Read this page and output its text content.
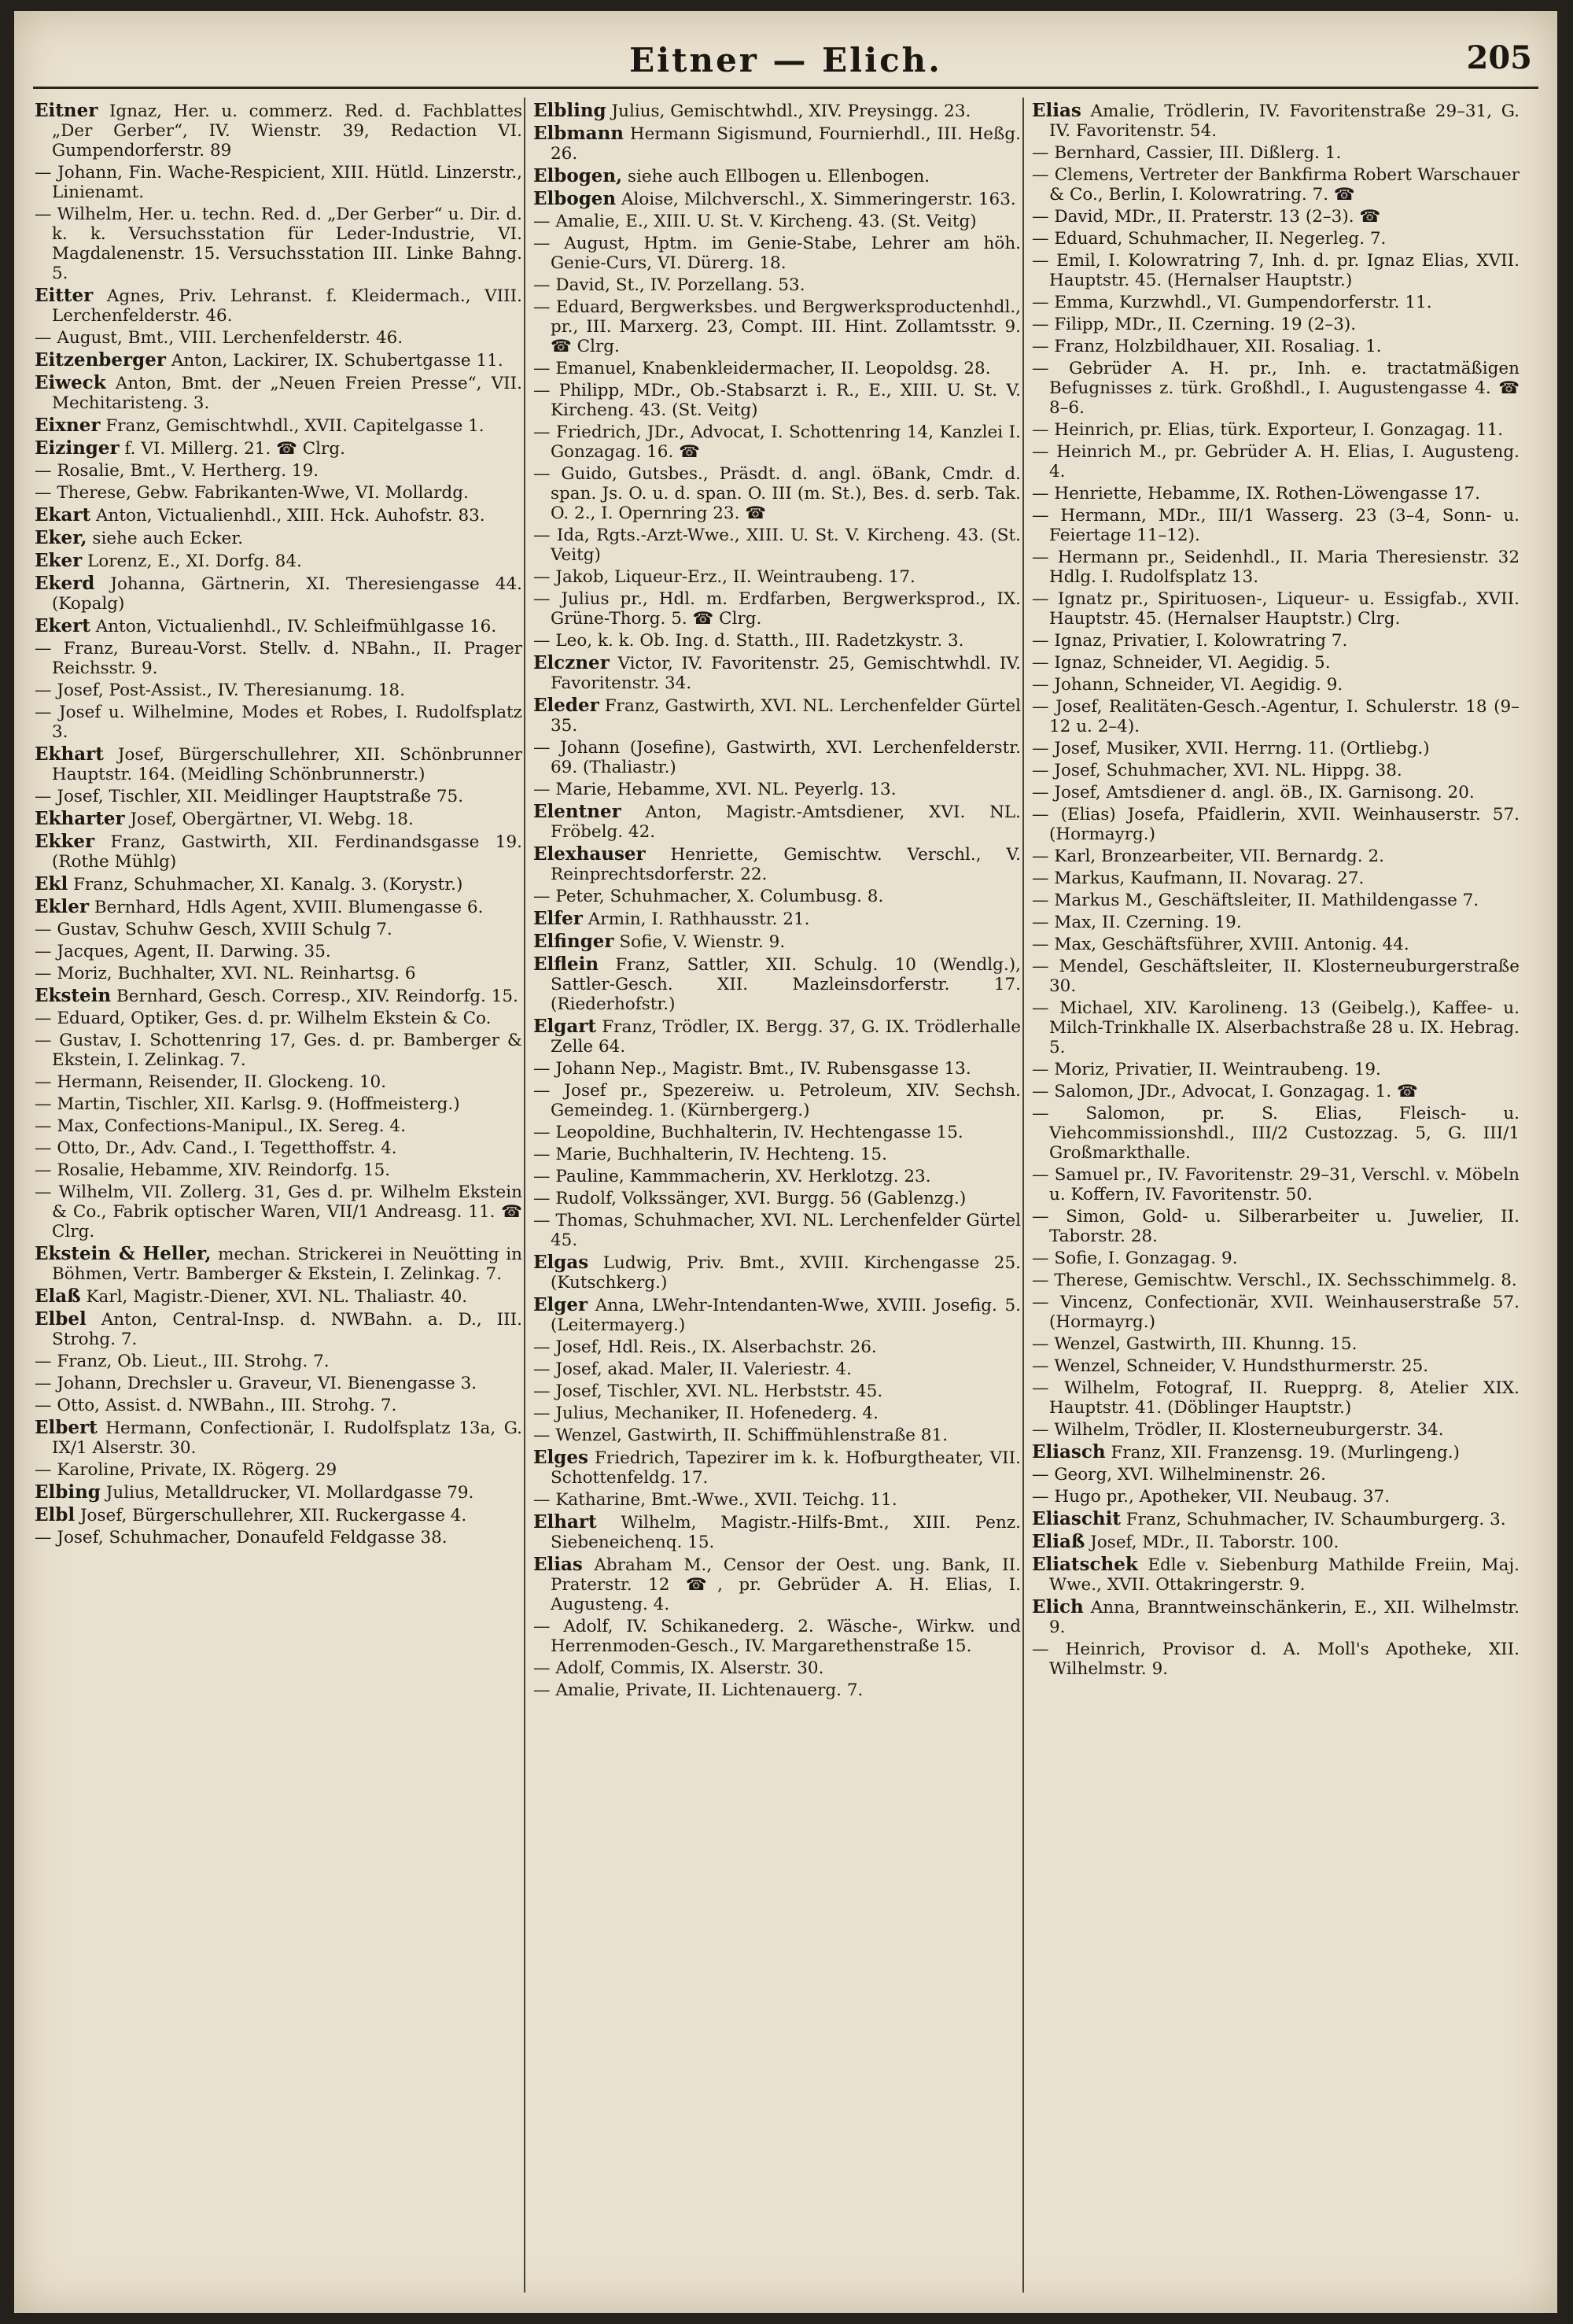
Eitner — Elich.	205
Eitner Ignaz, Her. u. commerz. Red. d. Fachblattes „Der Gerber“, IV. Wienstr. 39, Redaction VI. Gumpendorferstr. 89
— Johann, Fin. Wache-Respicient, XIII. Hütld. Linzerstr., Linienamt.
— Wilhelm, Her. u. techn. Red. d. „Der Gerber“ u. Dir. d. k. k. Versuchsstation für Leder-Industrie, VI. Magdalenenstr. 15. Versuchsstation III. Linke Bahng. 5.
Eitter Agnes, Priv. Lehranst. f. Kleidermach., VIII. Lerchenfelderstr. 46.
— August, Bmt., VIII. Lerchenfelderstr. 46.
Eitzenberger Anton, Lackirer, IX. Schubertgasse 11.
Eiweck Anton, Bmt. der „Neuen Freien Presse“, VII. Mechitaristeng. 3.
Eixner Franz, Gemischtwhdl., XVII. Capitelgasse 1.
Eizinger f. VI. Millerg. 21. ☎ Clrg.
— Rosalie, Bmt., V. Hertherg. 19.
— Therese, Gebw. Fabrikanten-Wwe, VI. Mollardg.
Ekart Anton, Victualienhdl., XIII. Hck. Auhofstr. 83.
Eker, siehe auch Ecker.
Eker Lorenz, E., XI. Dorfg. 84.
Ekerd Johanna, Gärtnerin, XI. Theresiengasse 44. (Kopalg)
Ekert Anton, Victualienhdl., IV. Schleifmühlgasse 16.
— Franz, Bureau-Vorst. Stellv. d. NBahn., II. Prager Reichsstr. 9.
— Josef, Post-Assist., IV. Theresianumg. 18.
— Josef u. Wilhelmine, Modes et Robes, I. Rudolfsplatz 3.
Ekhart Josef, Bürgerschullehrer, XII. Schönbrunner Hauptstr. 164. (Meidling Schönbrunnerstr.)
— Josef, Tischler, XII. Meidlinger Hauptstraße 75.
Ekharter Josef, Obergärtner, VI. Webg. 18.
Ekker Franz, Gastwirth, XII. Ferdinandsgasse 19. (Rothe Mühlg)
Ekl Franz, Schuhmacher, XI. Kanalg. 3. (Korystr.)
Ekler Bernhard, Hdls Agent, XVIII. Blumengasse 6.
— Gustav, Schuhw Gesch, XVIII Schulg 7.
— Jacques, Agent, II. Darwing. 35.
— Moriz, Buchhalter, XVI. NL. Reinhartsg. 6
Ekstein Bernhard, Gesch. Corresp., XIV. Reindorfg. 15.
— Eduard, Optiker, Ges. d. pr. Wilhelm Ekstein & Co.
— Gustav, I. Schottenring 17, Ges. d. pr. Bamberger & Ekstein, I. Zelinkag. 7.
— Hermann, Reisender, II. Glockeng. 10.
— Martin, Tischler, XII. Karlsg. 9. (Hoffmeisterg.)
— Max, Confections-Manipul., IX. Sereg. 4.
— Otto, Dr., Adv. Cand., I. Tegetthoffstr. 4.
— Rosalie, Hebamme, XIV. Reindorfg. 15.
— Wilhelm, VII. Zollerg. 31, Ges d. pr. Wilhelm Ekstein & Co., Fabrik optischer Waren, VII/1 Andreasg. 11. ☎ Clrg.
Ekstein & Heller, mechan. Strickerei in Neuötting in Böhmen, Vertr. Bamberger & Ekstein, I. Zelinkag. 7.
Elaß Karl, Magistr.-Diener, XVI. NL. Thaliastr. 40.
Elbel Anton, Central-Insp. d. NWBahn. a. D., III. Strohg. 7.
— Franz, Ob. Lieut., III. Strohg. 7.
— Johann, Drechsler u. Graveur, VI. Bienengasse 3.
— Otto, Assist. d. NWBahn., III. Strohg. 7.
Elbert Hermann, Confectionär, I. Rudolfsplatz 13a, G. IX/1 Alserstr. 30.
— Karoline, Private, IX. Rögerg. 29
Elbing Julius, Metalldrucker, VI. Mollardgasse 79.
Elbl Josef, Bürgerschullehrer, XII. Ruckergasse 4.
— Josef, Schuhmacher, Donaufeld Feldgasse 38.
Elbling Julius, Gemischtwhdl., XIV. Preysingg. 23.
Elbmann Hermann Sigismund, Fournierhdl., III. Heßg. 26.
Elbogen, siehe auch Ellbogen u. Ellenbogen.
Elbogen Aloise, Milchverschl., X. Simmeringerstr. 163.
— Amalie, E., XIII. U. St. V. Kircheng. 43. (St. Veitg)
— August, Hptm. im Genie-Stabe, Lehrer am höh. Genie-Curs, VI. Dürerg. 18.
— David, St., IV. Porzellang. 53.
— Eduard, Bergwerksbes. und Bergwerksproductenhdl., pr., III. Marxerg. 23, Compt. III. Hint. Zollamtsstr. 9. ☎ Clrg.
— Emanuel, Knabenkleidermacher, II. Leopoldsg. 28.
— Philipp, MDr., Ob.-Stabsarzt i. R., E., XIII. U. St. V. Kircheng. 43. (St. Veitg)
— Friedrich, JDr., Advocat, I. Schottenring 14, Kanzlei I. Gonzagag. 16. ☎
— Guido, Gutsbes., Präsdt. d. angl. öBank, Cmdr. d. span. Js. O. u. d. span. O. III (m. St.), Bes. d. serb. Tak. O. 2., I. Opernring 23. ☎
— Ida, Rgts.-Arzt-Wwe., XIII. U. St. V. Kircheng. 43. (St. Veitg)
— Jakob, Liqueur-Erz., II. Weintraubeng. 17.
— Julius pr., Hdl. m. Erdfarben, Bergwerksprod., IX. Grüne-Thorg. 5. ☎ Clrg.
— Leo, k. k. Ob. Ing. d. Statth., III. Radetzkystr. 3.
Elczner Victor, IV. Favoritenstr. 25, Gemischtwhdl. IV. Favoritenstr. 34.
Eleder Franz, Gastwirth, XVI. NL. Lerchenfelder Gürtel 35.
— Johann (Josefine), Gastwirth, XVI. Lerchenfelderstr. 69. (Thaliastr.)
— Marie, Hebamme, XVI. NL. Peyerlg. 13.
Elentner Anton, Magistr.-Amtsdiener, XVI. NL. Fröbelg. 42.
Elexhauser Henriette, Gemischtw. Verschl., V. Reinprechtsdorferstr. 22.
— Peter, Schuhmacher, X. Columbusg. 8.
Elfer Armin, I. Rathhausstr. 21.
Elfinger Sofie, V. Wienstr. 9.
Elflein Franz, Sattler, XII. Schulg. 10 (Wendlg.), Sattler-Gesch. XII. Mazleinsdorferstr. 17. (Riederhofstr.)
Elgart Franz, Trödler, IX. Bergg. 37, G. IX. Trödlerhalle Zelle 64.
— Johann Nep., Magistr. Bmt., IV. Rubensgasse 13.
— Josef pr., Spezereiw. u. Petroleum, XIV. Sechsh. Gemeindeg. 1. (Kürnbergerg.)
— Leopoldine, Buchhalterin, IV. Hechtengasse 15.
— Marie, Buchhalterin, IV. Hechteng. 15.
— Pauline, Kammmacherin, XV. Herklotzg. 23.
— Rudolf, Volkssänger, XVI. Burgg. 56 (Gablenzg.)
— Thomas, Schuhmacher, XVI. NL. Lerchenfelder Gürtel 45.
Elgas Ludwig, Priv. Bmt., XVIII. Kirchengasse 25. (Kutschkerg.)
Elger Anna, LWehr-Intendanten-Wwe, XVIII. Josefig. 5. (Leitermayerg.)
— Josef, Hdl. Reis., IX. Alserbachstr. 26.
— Josef, akad. Maler, II. Valeriestr. 4.
— Josef, Tischler, XVI. NL. Herbststr. 45.
— Julius, Mechaniker, II. Hofenederg. 4.
— Wenzel, Gastwirth, II. Schiffmühlenstraße 81.
Elges Friedrich, Tapezirer im k. k. Hofburgtheater, VII. Schottenfeldg. 17.
— Katharine, Bmt.-Wwe., XVII. Teichg. 11.
Elhart Wilhelm, Magistr.-Hilfs-Bmt., XIII. Penz. Siebeneichenq. 15.
Elias Abraham M., Censor der Oest. ung. Bank, II. Praterstr. 12 ☎, pr. Gebrüder A. H. Elias, I. Augusteng. 4.
— Adolf, IV. Schikanederg. 2. Wäsche-, Wirkw. und Herrenmoden-Gesch., IV. Margarethenstraße 15.
— Adolf, Commis, IX. Alserstr. 30.
— Amalie, Private, II. Lichtenauerg. 7.
Elias Amalie, Trödlerin, IV. Favoritenstraße 29–31, G. IV. Favoritenstr. 54.
— Bernhard, Cassier, III. Dißlerg. 1.
— Clemens, Vertreter der Bankfirma Robert Warschauer & Co., Berlin, I. Kolowratring. 7. ☎
— David, MDr., II. Praterstr. 13 (2–3). ☎
— Eduard, Schuhmacher, II. Negerleg. 7.
— Emil, I. Kolowratring 7, Inh. d. pr. Ignaz Elias, XVII. Hauptstr. 45. (Hernalser Hauptstr.)
— Emma, Kurzwhdl., VI. Gumpendorferstr. 11.
— Filipp, MDr., II. Czerning. 19 (2–3).
— Franz, Holzbildhauer, XII. Rosaliag. 1.
— Gebrüder A. H. pr., Inh. e. tractatmäßigen Befugnisses z. türk. Großhdl., I. Augustengasse 4. ☎ 8–6.
— Heinrich, pr. Elias, türk. Exporteur, I. Gonzagag. 11.
— Heinrich M., pr. Gebrüder A. H. Elias, I. Augusteng. 4.
— Henriette, Hebamme, IX. Rothen-Löwengasse 17.
— Hermann, MDr., III/1 Wasserg. 23 (3–4, Sonn- u. Feiertage 11–12).
— Hermann pr., Seidenhdl., II. Maria Theresienstr. 32 Hdlg. I. Rudolfsplatz 13.
— Ignatz pr., Spirituosen-, Liqueur- u. Essigfab., XVII. Hauptstr. 45. (Hernalser Hauptstr.) Clrg.
— Ignaz, Privatier, I. Kolowratring 7.
— Ignaz, Schneider, VI. Aegidig. 5.
— Johann, Schneider, VI. Aegidig. 9.
— Josef, Realitäten-Gesch.-Agentur, I. Schulerstr. 18 (9–12 u. 2–4).
— Josef, Musiker, XVII. Herrng. 11. (Ortliebg.)
— Josef, Schuhmacher, XVI. NL. Hippg. 38.
— Josef, Amtsdiener d. angl. öB., IX. Garnisong. 20.
— (Elias) Josefa, Pfaidlerin, XVII. Weinhauserstr. 57. (Hormayrg.)
— Karl, Bronzearbeiter, VII. Bernardg. 2.
— Markus, Kaufmann, II. Novarag. 27.
— Markus M., Geschäftsleiter, II. Mathildengasse 7.
— Max, II. Czerning. 19.
— Max, Geschäftsführer, XVIII. Antonig. 44.
— Mendel, Geschäftsleiter, II. Klosterneuburgerstraße 30.
— Michael, XIV. Karolineng. 13 (Geibelg.), Kaffee- u. Milch-Trinkhalle IX. Alserbachstraße 28 u. IX. Hebrag. 5.
— Moriz, Privatier, II. Weintraubeng. 19.
— Salomon, JDr., Advocat, I. Gonzagag. 1. ☎
— Salomon, pr. S. Elias, Fleisch- u. Viehcommissionshdl., III/2 Custozzag. 5, G. III/1 Großmarkthalle.
— Samuel pr., IV. Favoritenstr. 29–31, Verschl. v. Möbeln u. Koffern, IV. Favoritenstr. 50.
— Simon, Gold- u. Silberarbeiter u. Juwelier, II. Taborstr. 28.
— Sofie, I. Gonzagag. 9.
— Therese, Gemischtw. Verschl., IX. Sechsschimmelg. 8.
— Vincenz, Confectionär, XVII. Weinhauserstraße 57. (Hormayrg.)
— Wenzel, Gastwirth, III. Khunng. 15.
— Wenzel, Schneider, V. Hundsthurmerstr. 25.
— Wilhelm, Fotograf, II. Ruepprg. 8, Atelier XIX. Hauptstr. 41. (Döblinger Hauptstr.)
— Wilhelm, Trödler, II. Klosterneuburgerstr. 34.
Eliasch Franz, XII. Franzensg. 19. (Murlingeng.)
— Georg, XVI. Wilhelminenstr. 26.
— Hugo pr., Apotheker, VII. Neubaug. 37.
Eliaschit Franz, Schuhmacher, IV. Schaumburgerg. 3.
Eliaß Josef, MDr., II. Taborstr. 100.
Eliatschek Edle v. Siebenburg Mathilde Freiin, Maj. Wwe., XVII. Ottakringerstr. 9.
Elich Anna, Branntweinschänkerin, E., XII. Wilhelmstr. 9.
— Heinrich, Provisor d. A. Moll's Apotheke, XII. Wilhelmstr. 9.
